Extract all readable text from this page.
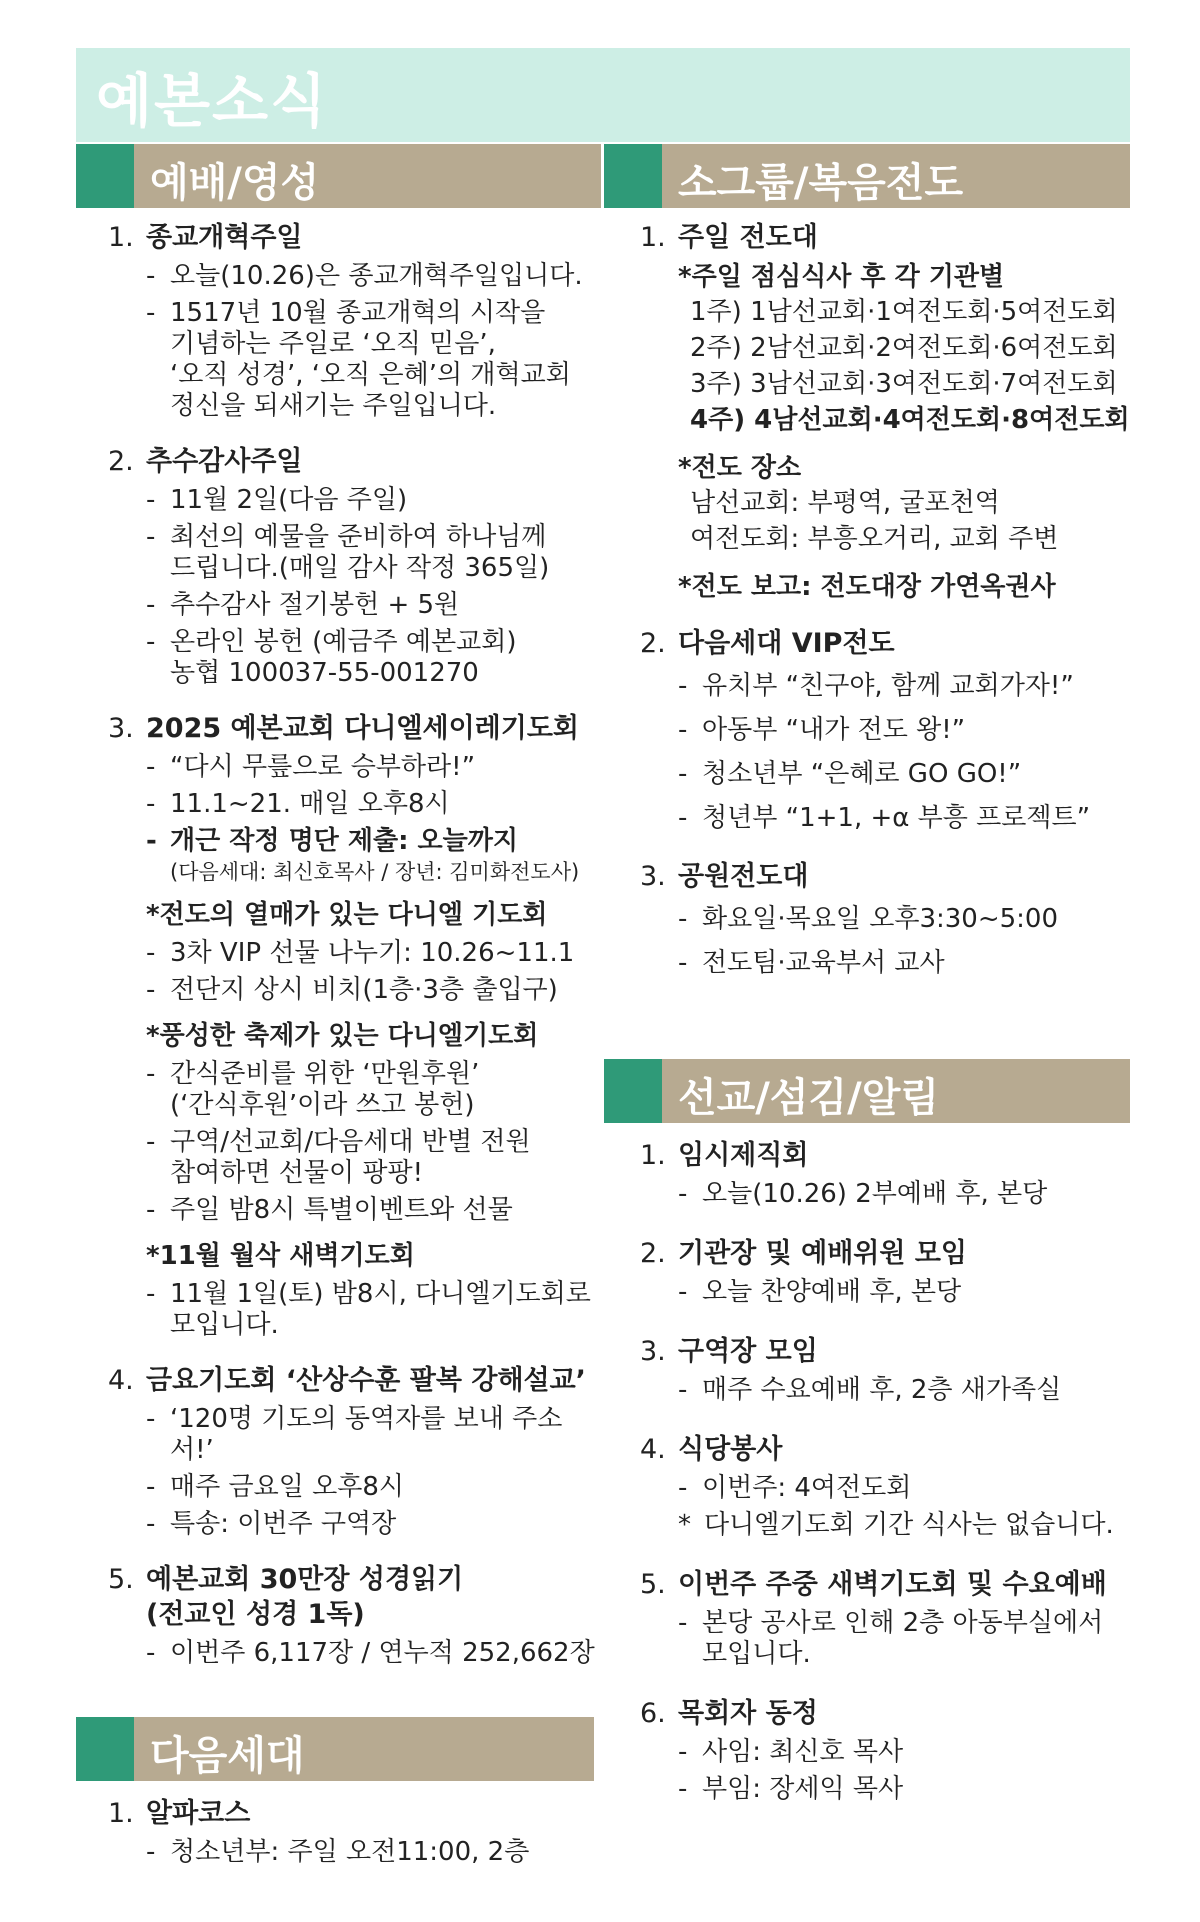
예본소식
예배/영성	소그룹/복음전도
선교/섬김/알림
다음세대
1. 종교개혁주일
- 오늘(10.26)은 종교개혁주일입니다.
- 1517년 10월 종교개혁의 시작을
기념하는 주일로 ‘오직 믿음’,
‘오직 성경’, ‘오직 은혜’의 개혁교회
정신을 되새기는 주일입니다.
2. 추수감사주일
- 11월 2일(다음 주일)
- 최선의 예물을 준비하여 하나님께
드립니다.(매일 감사 작정 365일)
- 추수감사 절기봉헌 + 5원
- 온라인 봉헌 (예금주 예본교회)
농협 100037-55-001270
3. 2025 예본교회 다니엘세이레기도회
- “다시 무릎으로 승부하라!”
- 11.1~21. 매일 오후8시
- 개근 작정 명단 제출: 오늘까지
(다음세대: 최신호목사 / 장년: 김미화전도사)
*전도의 열매가 있는 다니엘 기도회
- 3차 VIP 선물 나누기: 10.26~11.1
- 전단지 상시 비치(1층·3층 출입구)
*풍성한 축제가 있는 다니엘기도회
- 간식준비를 위한 ‘만원후원’
(‘간식후원’이라 쓰고 봉헌)
- 구역/선교회/다음세대 반별 전원
참여하면 선물이 팡팡!
- 주일 밤8시 특별이벤트와 선물
*11월 월삭 새벽기도회
- 11월 1일(토) 밤8시, 다니엘기도회로
모입니다.
4. 금요기도회 ‘산상수훈 팔복 강해설교’
- ‘120명 기도의 동역자를 보내 주소서!’
- 매주 금요일 오후8시
- 특송: 이번주 구역장
5. 예본교회 30만장 성경읽기
(전교인 성경 1독)
- 이번주 6,117장 / 연누적 252,662장
1. 알파코스
- 청소년부: 주일 오전11:00, 2층
1. 주일 전도대
*주일 점심식사 후 각 기관별
1주) 1남선교회·1여전도회·5여전도회
2주) 2남선교회·2여전도회·6여전도회
3주) 3남선교회·3여전도회·7여전도회
4주) 4남선교회·4여전도회·8여전도회
*전도 장소
남선교회: 부평역, 굴포천역
여전도회: 부흥오거리, 교회 주변
*전도 보고: 전도대장 가연옥권사
2. 다음세대 VIP전도
- 유치부 “친구야, 함께 교회가자!”
- 아동부 “내가 전도 왕!”
- 청소년부 “은혜로 GO GO!”
- 청년부 “1+1, +α 부흥 프로젝트”
3. 공원전도대
- 화요일·목요일 오후3:30~5:00
- 전도팀·교육부서 교사
1. 임시제직회
- 오늘(10.26) 2부예배 후, 본당
2. 기관장 및 예배위원 모임
- 오늘 찬양예배 후, 본당
3. 구역장 모임
- 매주 수요예배 후, 2층 새가족실
4. 식당봉사
- 이번주: 4여전도회
* 다니엘기도회 기간 식사는 없습니다.
5. 이번주 주중 새벽기도회 및 수요예배
- 본당 공사로 인해 2층 아동부실에서
모입니다.
6. 목회자 동정
- 사임: 최신호 목사
- 부임: 장세익 목사
